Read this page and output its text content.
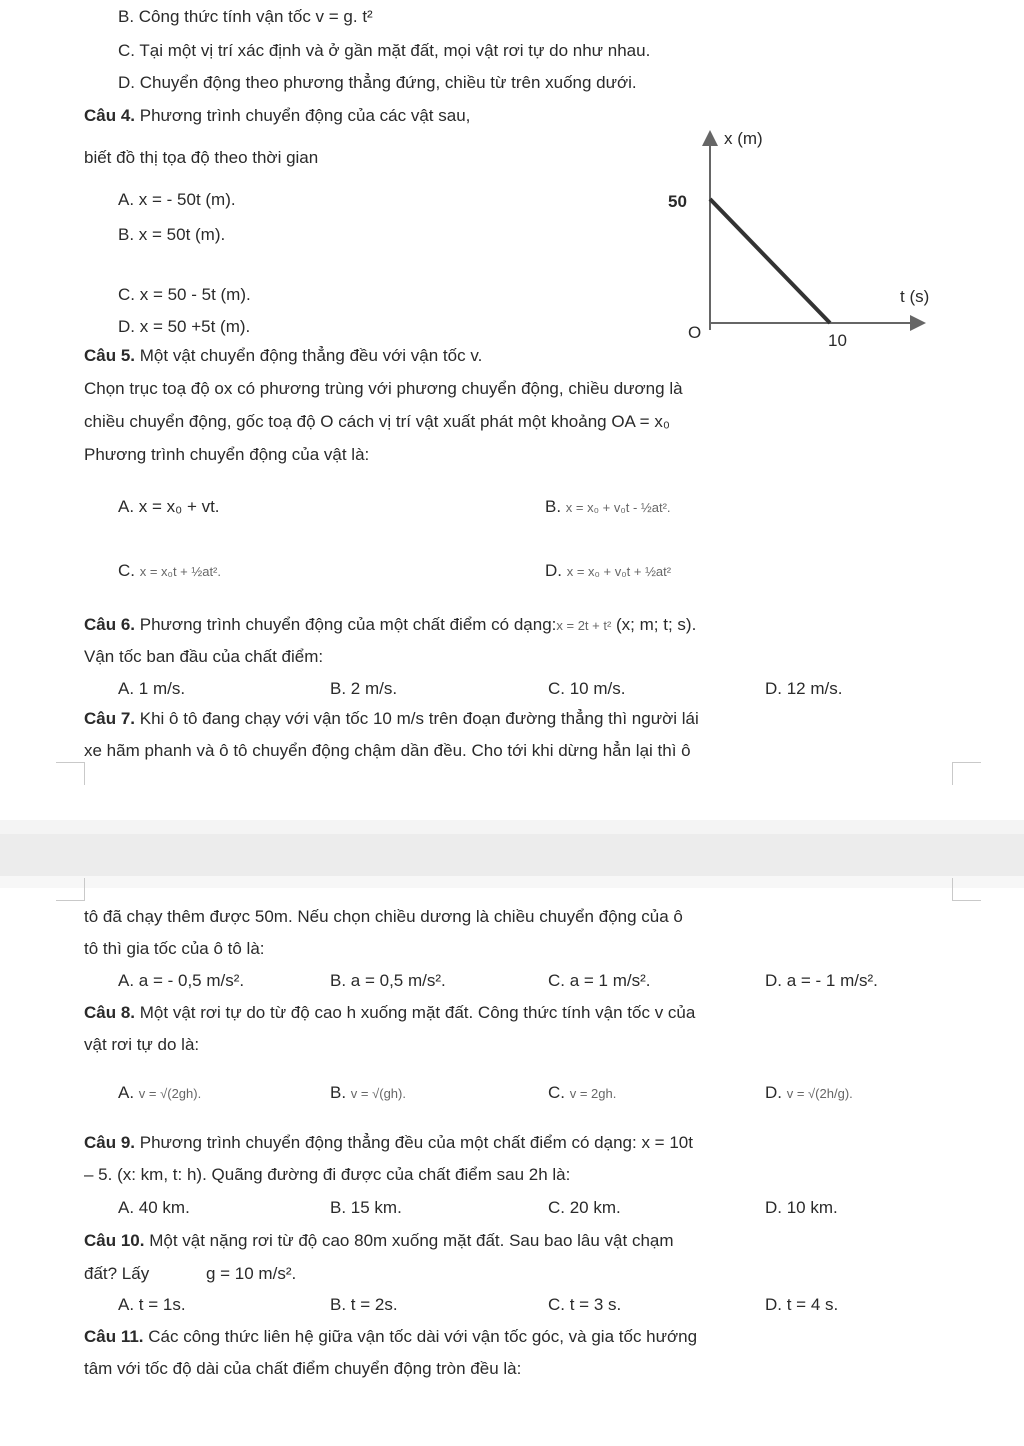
B. Công thức tính vận tốc v = g. t²
C. Tại một vị trí xác định và ở gần mặt đất, mọi vật rơi tự do như nhau.
D. Chuyển động theo phương thẳng đứng, chiều từ trên xuống dưới.
Câu 4. Phương trình chuyển động của các vật sau,
biết đồ thị tọa độ theo thời gian
A. x = - 50t (m).
B. x = 50t (m).
C. x = 50 - 5t (m).
D. x = 50 +5t (m).
x (m)
t (s)
50
10
O
Câu 5. Một vật chuyển động thẳng đều với vận tốc v.
Chọn trục toạ độ ox có phương trùng với phương chuyển động, chiều dương là
chiều chuyển động, gốc toạ độ O cách vị trí vật xuất phát một khoảng OA = x₀
Phương trình chuyển động của vật là:
A. x = x₀ + vt.	B. x = x₀ + v₀t - ½at².
C. x = x₀t + ½at².	D. x = x₀ + v₀t + ½at²
Câu 6. Phương trình chuyển động của một chất điểm có dạng:x = 2t + t² (x; m; t; s).
Vận tốc ban đầu của chất điểm:
A. 1 m/s.	B. 2 m/s.	C. 10 m/s.	D. 12 m/s.
Câu 7. Khi ô tô đang chạy với vận tốc 10 m/s trên đoạn đường thẳng thì người lái
xe hãm phanh và ô tô chuyển động chậm dần đều. Cho tới khi dừng hẳn lại thì ô
tô đã chạy thêm được 50m. Nếu chọn chiều dương là chiều chuyển động của ô
tô thì gia tốc của ô tô là:
A. a = - 0,5 m/s².	B. a = 0,5 m/s².	C. a = 1 m/s².	D. a = - 1 m/s².
Câu 8. Một vật rơi tự do từ độ cao h xuống mặt đất. Công thức tính vận tốc v của
vật rơi tự do là:
A. v = √(2gh).	B. v = √(gh).	C. v = 2gh.	D. v = √(2h/g).
Câu 9. Phương trình chuyển động thẳng đều của một chất điểm có dạng: x = 10t
– 5. (x: km, t: h). Quãng đường đi được của chất điểm sau 2h là:
A. 40 km.	B. 15 km.	C. 20 km.	D. 10 km.
Câu 10. Một vật nặng rơi từ độ cao 80m xuống mặt đất. Sau bao lâu vật chạm
đất? Lấy	g = 10 m/s².
A. t = 1s.	B. t = 2s.	C. t = 3 s.	D. t = 4 s.
Câu 11. Các công thức liên hệ giữa vận tốc dài với vận tốc góc, và gia tốc hướng
tâm với tốc độ dài của chất điểm chuyển động tròn đều là:
